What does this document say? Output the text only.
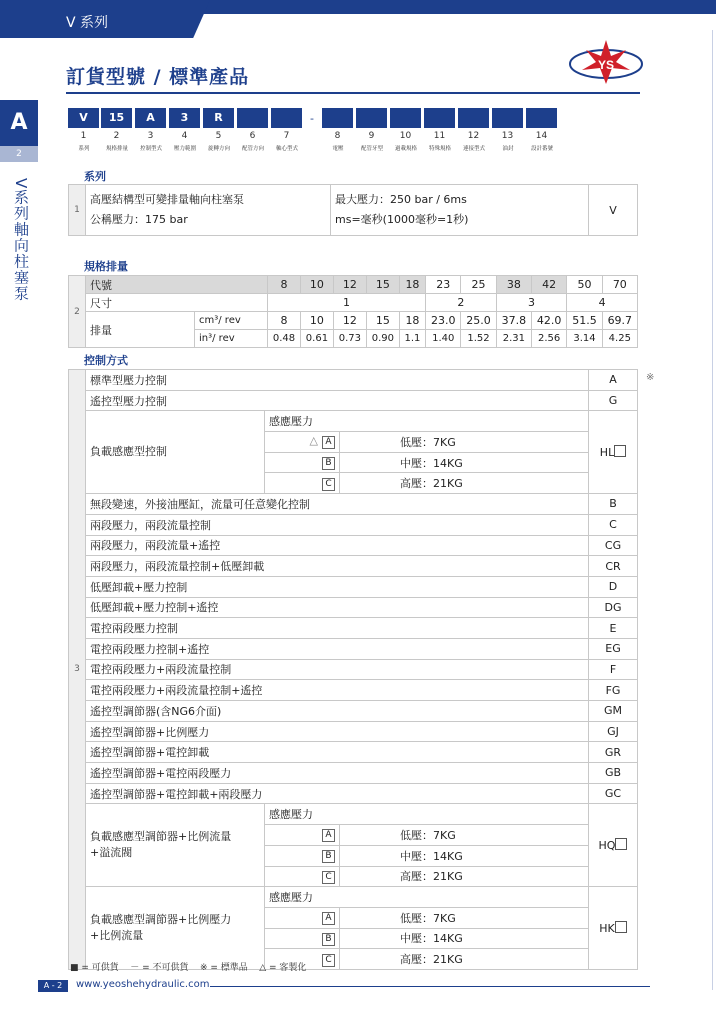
V 系列
訂貨型號 / 標準產品
YS
A
2
V系列軸向柱塞泵
V
1
系列
15
2
規格排量
A
3
控制型式
3
4
壓力範圍
R
5
旋轉方向
6
配管方向
7
軸心型式
8
電壓
9
配管牙型
10
過載規格
11
特殊規格
12
連接型式
13
油封
14
設計番號
-
系列
1	
高壓結構型可變排量軸向柱塞泵
公稱壓力：175 bar

最大壓力：250 bar / 6ms
ms=毫秒(1000毫秒=1秒)
	V
規格排量
2	代號		8	10	12	15	18	23	25	38	42	50	70
	尺寸		1					2		3		4	
	排量	cm³/ rev	8	10	12	15	18	23.0	25.0	37.8	42.0	51.5	69.7
		in³/ rev	0.48	0.61	0.73	0.90	1.1	1.40	1.52	2.31	2.56	3.14	4.25
控制方式
※
3	標準型壓力控制			A
	遙控型壓力控制			G

	負載感應型控制	感應壓力		HL
		△ A	低壓：7KG	
		B	中壓：14KG	
		C	高壓：21KG	
	無段變速，外接油壓缸，流量可任意變化控制			B
	兩段壓力，兩段流量控制			C
	兩段壓力，兩段流量+遙控			CG
	兩段壓力，兩段流量控制+低壓卸載			CR
	低壓卸載+壓力控制			D
	低壓卸載+壓力控制+遙控			DG
	電控兩段壓力控制			E
	電控兩段壓力控制+遙控			EG
	電控兩段壓力+兩段流量控制			F
	電控兩段壓力+兩段流量控制+遙控			FG
	遙控型調節器(含NG6介面)			GM
	遙控型調節器+比例壓力			GJ
	遙控型調節器+電控卸載			GR
	遙控型調節器+電控兩段壓力			GB
	遙控型調節器+電控卸載+兩段壓力			GC

	負載感應型調節器+比例流量
+溢流閥	感應壓力		HQ
		A	低壓：7KG	
		B	中壓：14KG	
		C	高壓：21KG	

	負載感應型調節器+比例壓力
+比例流量	感應壓力		HK
		A	低壓：7KG	
		B	中壓：14KG	
		C	高壓：21KG	
■ = 可供貨 － = 不可供貨 ※ = 標準品 △ = 客製化
A - 2	www.yeoshehydraulic.com
